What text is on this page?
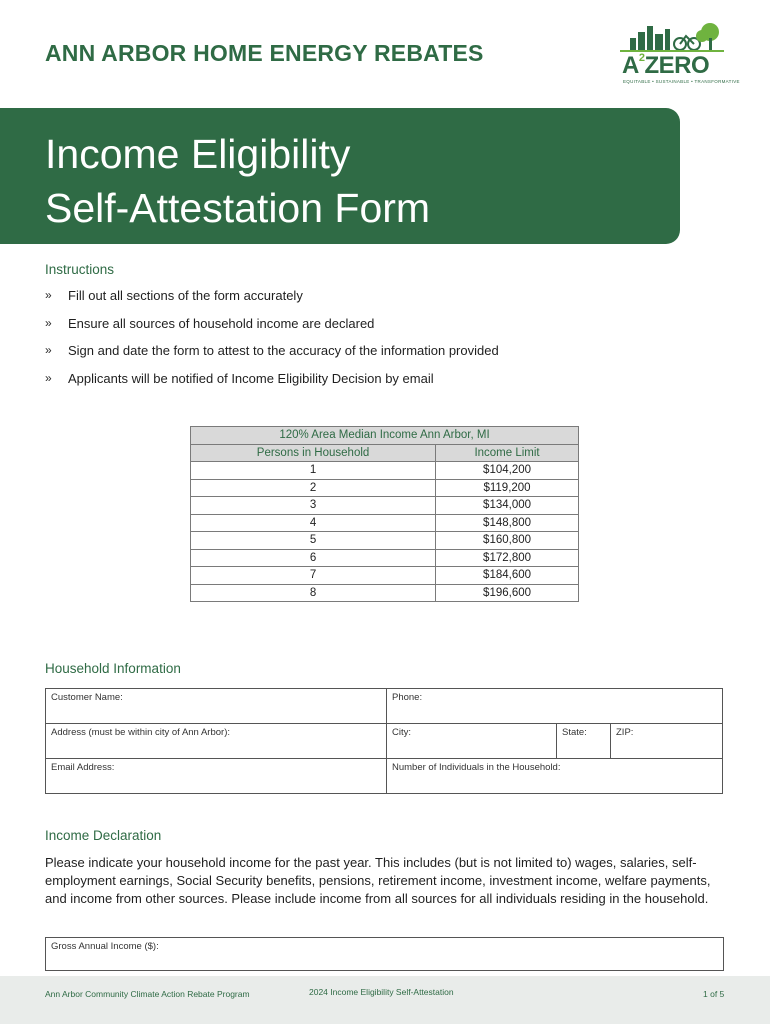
ANN ARBOR HOME ENERGY REBATES	$A^2ZERO$
EQUITABLE • SUSTAINABLE • TRANSFORMATIVE
Income Eligibility
Self-Attestation Form
Instructions
»	Fill out all sections of the form accurately
»	Ensure all sources of household income are declared
»	Sign and date the form to attest to the accuracy of the information provided
»	Applicants will be notified of Income Eligibility Decision by email
120% Area Median Income Ann Arbor, MI	
Persons in Household	Income Limit
1	$104,200
2	$119,200
3	$134,000
4	$148,800
5	$160,800
6	$172,800
7	$184,600
8	$196,600
Household Information
Customer Name:	Phone:
Address (must be within city of Ann Arbor):	City:	State:	ZIP:
Email Address:	Number of Individuals in the Household:
Income Declaration

Please indicate your household income for the past year. This includes (but is not limited to) wages, salaries, self-employment earnings, Social Security benefits, pensions, retirement income, investment income, welfare payments, and income from other sources. Please include income from all sources for all individuals residing in the household.

Gross Annual Income ($):
Ann Arbor Community Climate Action Rebate Program	2024 Income Eligibility Self-Attestation	1 of 5
